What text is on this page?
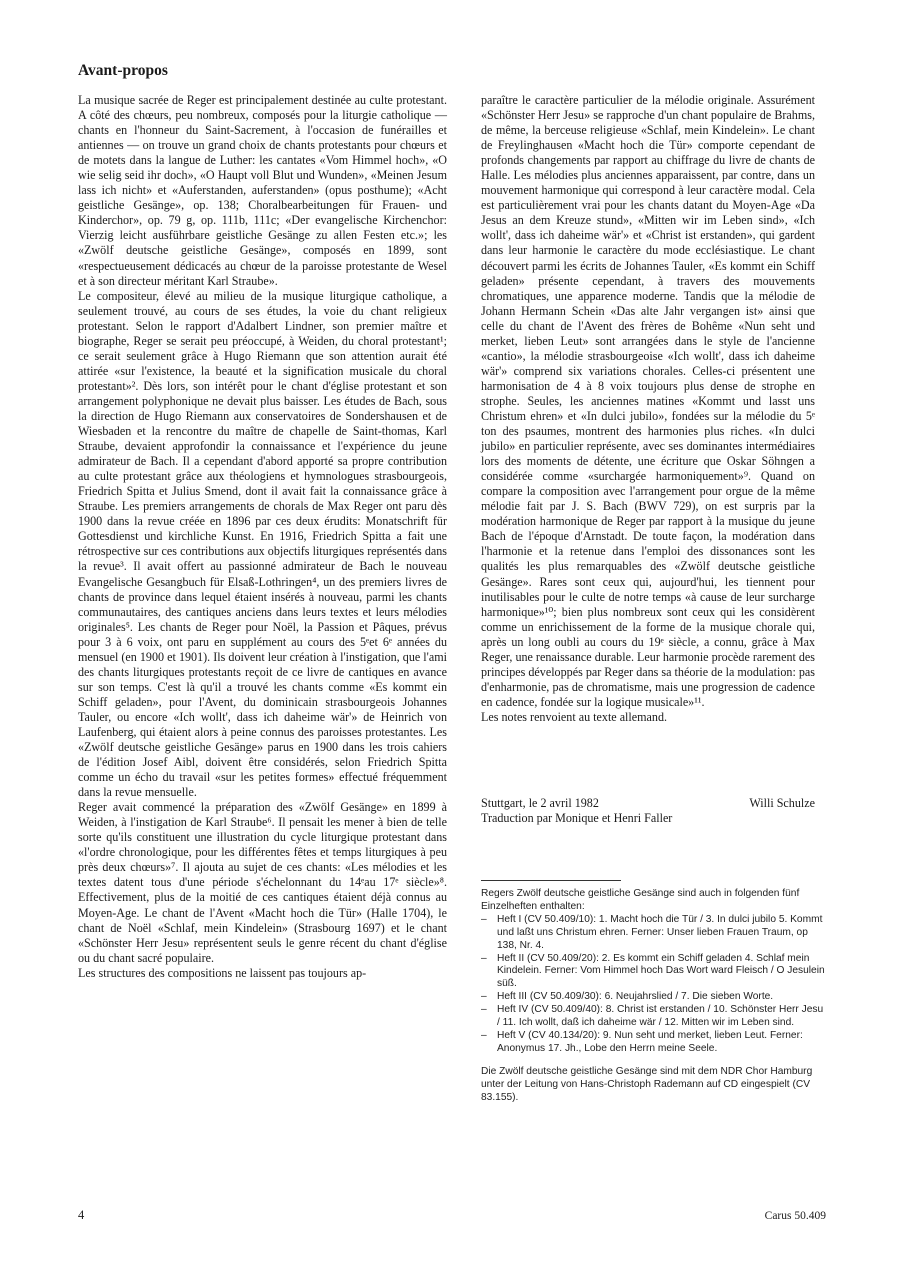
Avant-propos

La musique sacrée de Reger est principalement destinée au culte protestant. A côté des chœurs, peu nombreux, composés pour la liturgie catholique — chants en l'honneur du Saint-Sacrement, à l'occasion de funérailles et antiennes — on trouve un grand choix de chants protestants pour chœurs et de motets dans la langue de Luther: les cantates «Vom Himmel hoch», «O wie selig seid ihr doch», «O Haupt voll Blut und Wunden», «Meinen Jesum lass ich nicht» et «Auferstanden, auferstanden» (opus posthume); «Acht geistliche Gesänge», op. 138; Choralbearbeitungen für Frauen- und Kinderchor», op. 79 g, op. 111b, 111c; «Der evangelische Kirchenchor: Vierzig leicht ausführbare geistliche Gesänge zu allen Festen etc.»; les «Zwölf deutsche geistliche Gesänge», composés en 1899, sont «respectueusement dédicacés au chœur de la paroisse protestante de Wesel et à son directeur méritant Karl Straube».

Le compositeur, élevé au milieu de la musique liturgique catholique, a seulement trouvé, au cours de ses études, la voie du chant religieux protestant. Selon le rapport d'Adalbert Lindner, son premier maître et biographe, Reger se serait peu préoccupé, à Weiden, du choral protestant¹; ce serait seulement grâce à Hugo Riemann que son attention aurait été attirée «sur l'existence, la beauté et la signification musicale du choral protestant»². Dès lors, son intérêt pour le chant d'église protestant et son arrangement polyphonique ne devait plus baisser. Les études de Bach, sous la direction de Hugo Riemann aux conservatoires de Sondershausen et de Wiesbaden et la rencontre du maître de chapelle de Saint-thomas, Karl Straube, devaient approfondir la connaissance et l'expérience du jeune admirateur de Bach. Il a cependant d'abord apporté sa propre contribution au culte protestant grâce aux théologiens et hymnologues strasbourgeois, Friedrich Spitta et Julius Smend, dont il avait fait la connaissance grâce à Straube. Les premiers arrangements de chorals de Max Reger ont paru dès 1900 dans la revue créée en 1896 par ces deux érudits: Monatschrift für Gottesdienst und kirchliche Kunst. En 1916, Friedrich Spitta a fait une rétrospective sur ces contributions aux objectifs liturgiques représentés dans la revue³. Il avait offert au passionné admirateur de Bach le nouveau Evangelische Gesangbuch für Elsaß-Lothringen⁴, un des premiers livres de chants de province dans lequel étaient insérés à nouveau, parmi les chants communautaires, des cantiques anciens dans leurs textes et leurs mélodies originales⁵. Les chants de Reger pour Noël, la Passion et Pâques, prévus pour 3 à 6 voix, ont paru en supplément au cours des 5ᵉet 6ᵉ années du mensuel (en 1900 et 1901). Ils doivent leur création à l'instigation, que l'ami des chants liturgiques protestants reçoit de ce livre de cantiques en avance sur son temps. C'est là qu'il a trouvé les chants comme «Es kommt ein Schiff geladen», pour l'Avent, du dominicain strasbourgeois Johannes Tauler, ou encore «Ich wollt', dass ich daheime wär'» de Heinrich von Laufenberg, qui étaient alors à peine connus des paroisses protestantes. Les «Zwölf deutsche geistliche Gesänge» parus en 1900 dans les trois cahiers de l'édition Josef Aibl, doivent être considérés, selon Friedrich Spitta comme un écho du travail «sur les petites formes» effectué fréquemment dans la revue mensuelle.

Reger avait commencé la préparation des «Zwölf Gesänge» en 1899 à Weiden, à l'instigation de Karl Straube⁶. Il pensait les mener à bien de telle sorte qu'ils constituent une illustration du cycle liturgique protestant dans «l'ordre chronologique, pour les différentes fêtes et temps liturgiques à peu près deux chœurs»⁷. Il ajouta au sujet de ces chants: «Les mélodies et les textes datent tous d'une période s'échelonnant du 14ᵉau 17ᵉ siècle»⁸. Effectivement, plus de la moitié de ces cantiques étaient déjà connus au Moyen-Age. Le chant de l'Avent «Macht hoch die Tür» (Halle 1704), le chant de Noël «Schlaf, mein Kindelein» (Strasbourg 1697) et le chant «Schönster Herr Jesu» représentent seuls le genre récent du chant d'église ou du chant sacré populaire.

Les structures des compositions ne laissent pas toujours ap-

paraître le caractère particulier de la mélodie originale. Assurément «Schönster Herr Jesu» se rapproche d'un chant populaire de Brahms, de même, la berceuse religieuse «Schlaf, mein Kindelein». Le chant de Freylinghausen «Macht hoch die Tür» comporte cependant de profonds changements par rapport au chiffrage du livre de chants de Halle. Les mélodies plus anciennes apparaissent, par contre, dans un mouvement harmonique qui correspond à leur caractère modal. Cela est particulièrement vrai pour les chants datant du Moyen-Age «Da Jesus an dem Kreuze stund», «Mitten wir im Leben sind», «Ich wollt', dass ich daheime wär'» et «Christ ist erstanden», qui gardent dans leur harmonie le caractère du mode ecclésiastique. Le chant découvert parmi les écrits de Johannes Tauler, «Es kommt ein Schiff geladen» présente cependant, à travers des mouvements chromatiques, une apparence moderne. Tandis que la mélodie de Johann Hermann Schein «Das alte Jahr vergangen ist» ainsi que celle du chant de l'Avent des frères de Bohême «Nun seht und merket, lieben Leut» sont arrangées dans le style de l'ancienne «cantio», la mélodie strasbourgeoise «Ich wollt', dass ich daheime wär'» comprend six variations chorales. Celles-ci présentent une harmonisation de 4 à 8 voix toujours plus dense de strophe en strophe. Seules, les anciennes matines «Kommt und lasst uns Christum ehren» et «In dulci jubilo», fondées sur la mélodie du 5ᵉ ton des psaumes, montrent des harmonies plus riches. «In dulci jubilo» en particulier représente, avec ses dominantes intermédiaires lors des moments de détente, une écriture que Oskar Söhngen a considérée comme «surchargée harmoniquement»⁹. Quand on compare la composition avec l'arrangement pour orgue de la même mélodie fait par J. S. Bach (BWV 729), on est surpris par la modération harmonique de Reger par rapport à la musique du jeune Bach de l'époque d'Arnstadt. De toute façon, la modération dans l'harmonie et la retenue dans l'emploi des dissonances sont les qualités les plus remarquables des «Zwölf deutsche geistliche Gesänge». Rares sont ceux qui, aujourd'hui, les tiennent pour inutilisables pour le culte de notre temps «à cause de leur surcharge harmonique»¹⁰; bien plus nombreux sont ceux qui les considèrent comme un enrichissement de la forme de la musique chorale qui, après un long oubli au cours du 19ᵉ siècle, a connu, grâce à Max Reger, une renaissance durable. Leur harmonie procède rarement des principes développés par Reger dans sa théorie de la modulation: pas d'enharmonie, pas de chromatisme, mais une progression de cadence en cadence, fondée sur la logique musicale»¹¹.

Les notes renvoient au texte allemand.

Stuttgart, le 2 avril 1982	Willi Schulze
Traduction par Monique et Henri Faller

Regers Zwölf deutsche geistliche Gesänge sind auch in folgenden fünf Einzelheften enthalten:

– Heft I (CV 50.409/10): 1. Macht hoch die Tür / 3. In dulci jubilo 5. Kommt und laßt uns Christum ehren. Ferner: Unser lieben Frauen Traum, op 138, Nr. 4.
– Heft II (CV 50.409/20): 2. Es kommt ein Schiff geladen 4. Schlaf mein Kindelein. Ferner: Vom Himmel hoch Das Wort ward Fleisch / O Jesulein süß.
– Heft III (CV 50.409/30): 6. Neujahrslied / 7. Die sieben Worte.
– Heft IV (CV 50.409/40): 8. Christ ist erstanden / 10. Schönster Herr Jesu / 11. Ich wollt, daß ich daheime wär / 12. Mitten wir im Leben sind.
– Heft V (CV 40.134/20): 9. Nun seht und merket, lieben Leut. Ferner: Anonymus 17. Jh., Lobe den Herrn meine Seele.

Die Zwölf deutsche geistliche Gesänge sind mit dem NDR Chor Hamburg unter der Leitung von Hans-Christoph Rademann auf CD eingespielt (CV 83.155).

4	Carus 50.409
